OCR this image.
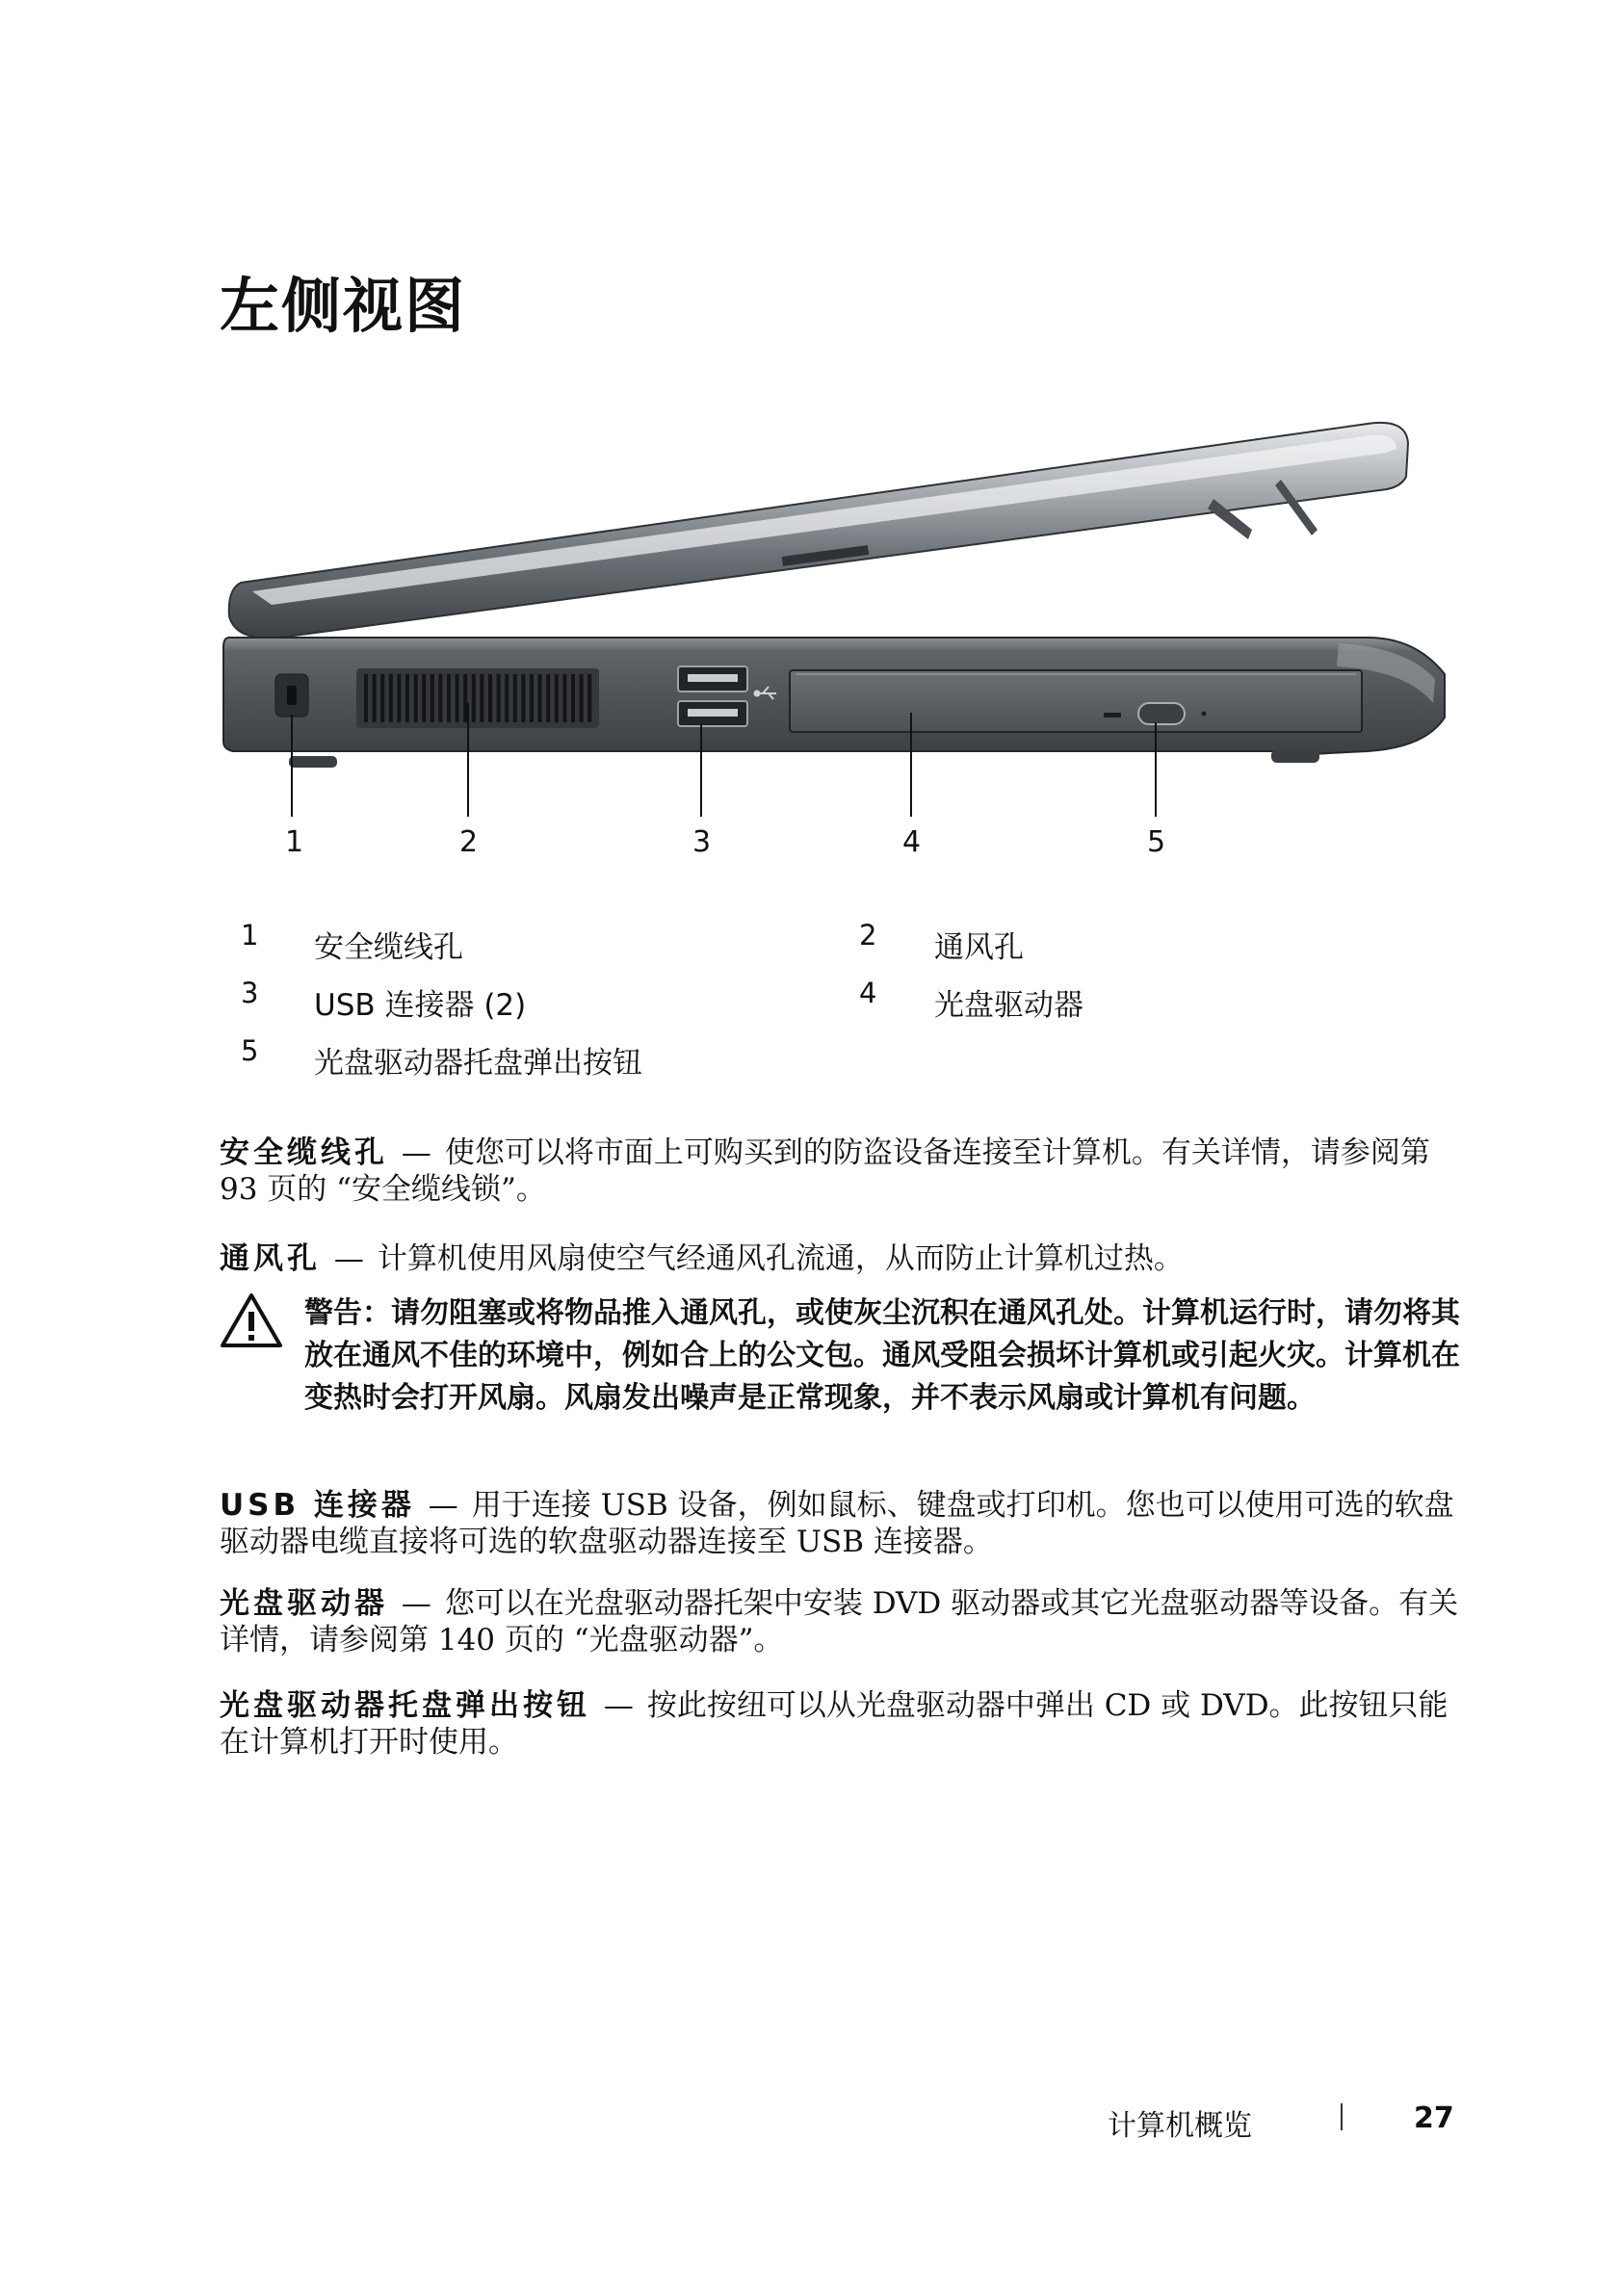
左侧视图
1	2	3	4	5
1 安全缆线孔	2 通风孔
3 USB 连接器 (2)	4 光盘驱动器
5 光盘驱动器托盘弹出按钮

安全缆线孔 — 使您可以将市面上可购买到的防盗设备连接至计算机。有关详情，请参阅第 93 页的 “安全缆线锁”。

通风孔 — 计算机使用风扇使空气经通风孔流通，从而防止计算机过热。

警告：请勿阻塞或将物品推入通风孔，或使灰尘沉积在通风孔处。计算机运行时，请勿将其放在通风不佳的环境中，例如合上的公文包。通风受阻会损坏计算机或引起火灾。计算机在变热时会打开风扇。风扇发出噪声是正常现象，并不表示风扇或计算机有问题。

USB 连接器 — 用于连接 USB 设备，例如鼠标、键盘或打印机。您也可以使用可选的软盘驱动器电缆直接将可选的软盘驱动器连接至 USB 连接器。

光盘驱动器 — 您可以在光盘驱动器托架中安装 DVD 驱动器或其它光盘驱动器等设备。有关详情，请参阅第 140 页的 “光盘驱动器”。

光盘驱动器托盘弹出按钮 — 按此按纽可以从光盘驱动器中弹出 CD 或 DVD。此按钮只能在计算机打开时使用。

计算机概览	27
